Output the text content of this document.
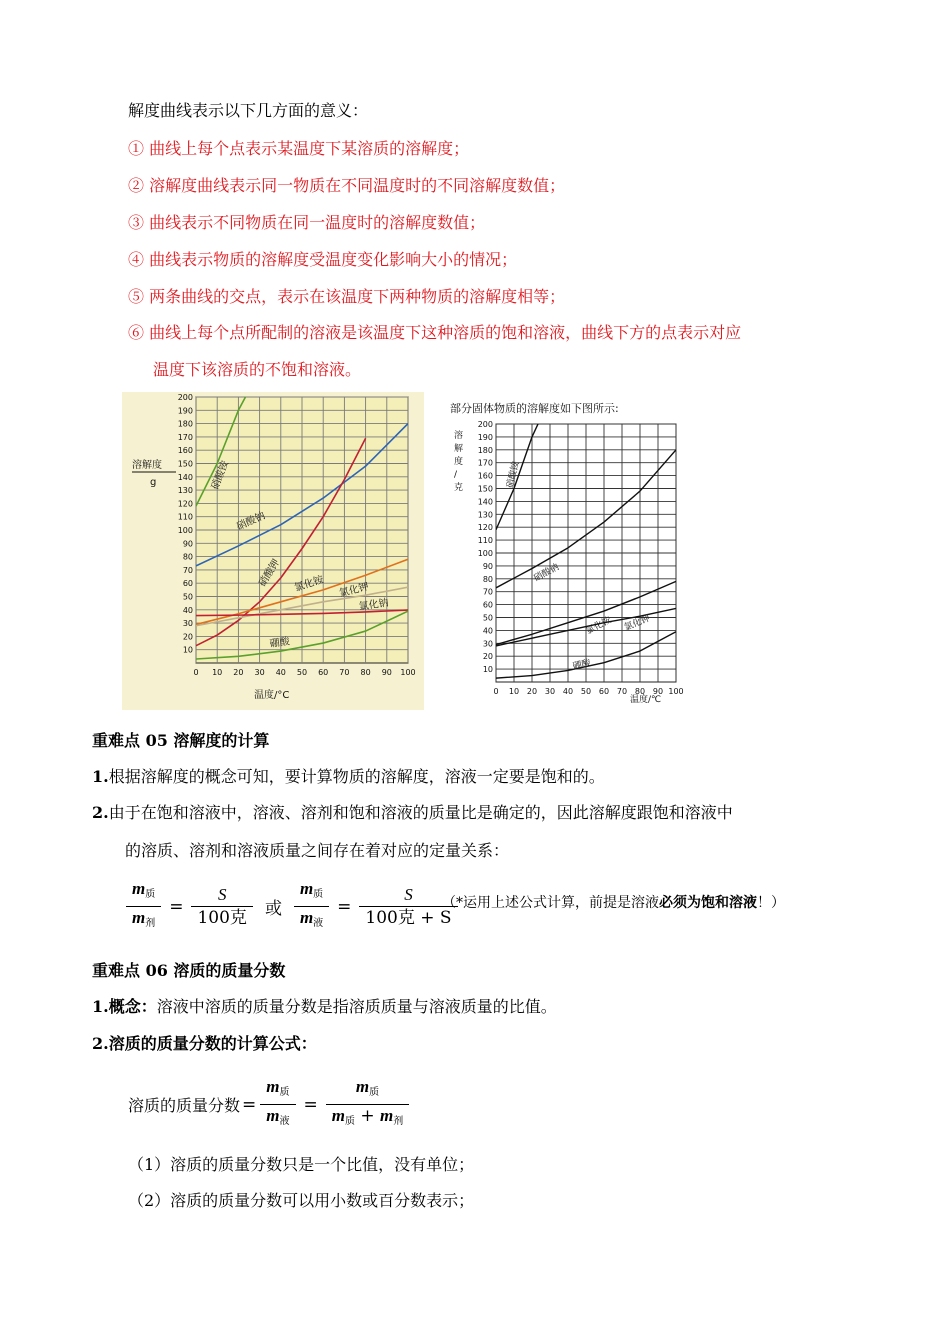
解度曲线表示以下几方面的意义：
① 曲线上每个点表示某温度下某溶质的溶解度；
② 溶解度曲线表示同一物质在不同温度时的不同溶解度数值；
③ 曲线表示不同物质在同一温度时的溶解度数值；
④ 曲线表示物质的溶解度受温度变化影响大小的情况；
⑤ 两条曲线的交点，表示在该温度下两种物质的溶解度相等；
⑥ 曲线上每个点所配制的溶液是该温度下这种溶质的饱和溶液，曲线下方的点表示对应
温度下该溶质的不饱和溶液。
0 10 20 30 40 50 60 70 80 90 100
10
20
30
40
50
60
70
80
90
100
110
120
130
140
150
160
170
180
190
200
硝酸铵
硝酸钠
硝酸钾 氯化铵 氯化钾
氯化钠
硼酸
温度/°C
溶解度
g
0 10 20 30 40 50 60 70 80 90 100
10
20
30
40
50
60
70
80
90
100
110
120
130
140
150
160
170
180
190
200
硝酸铵
硝酸钠
氯化铵 氯化钾
硼酸
温度/℃
溶
解
度
/
克
部分固体物质的溶解度如下图所示:
重难点 05 溶解度的计算
1.根据溶解度的概念可知，要计算物质的溶解度，溶液一定要是饱和的。
2.由于在饱和溶液中，溶液、溶剂和饱和溶液的质量比是确定的，因此溶解度跟饱和溶液中
的溶质、溶剂和溶液质量之间存在着对应的定量关系：
$\frac{m_质}{m_剂} = \frac{S}{\text{100克}}$ 或 $\frac{m_质}{m_液} = \frac{S}{\text{100克 + S}}$
（*运用上述公式计算，前提是溶液必须为饱和溶液！）
重难点 06 溶质的质量分数
1.概念：溶液中溶质的质量分数是指溶质质量与溶液质量的比值。
2.溶质的质量分数的计算公式：
溶质的质量分数 = $\frac{m_质}{m_液} = \frac{m_质}{m_质 + m_剂}$
（1）溶质的质量分数只是一个比值，没有单位；
（2）溶质的质量分数可以用小数或百分数表示；
